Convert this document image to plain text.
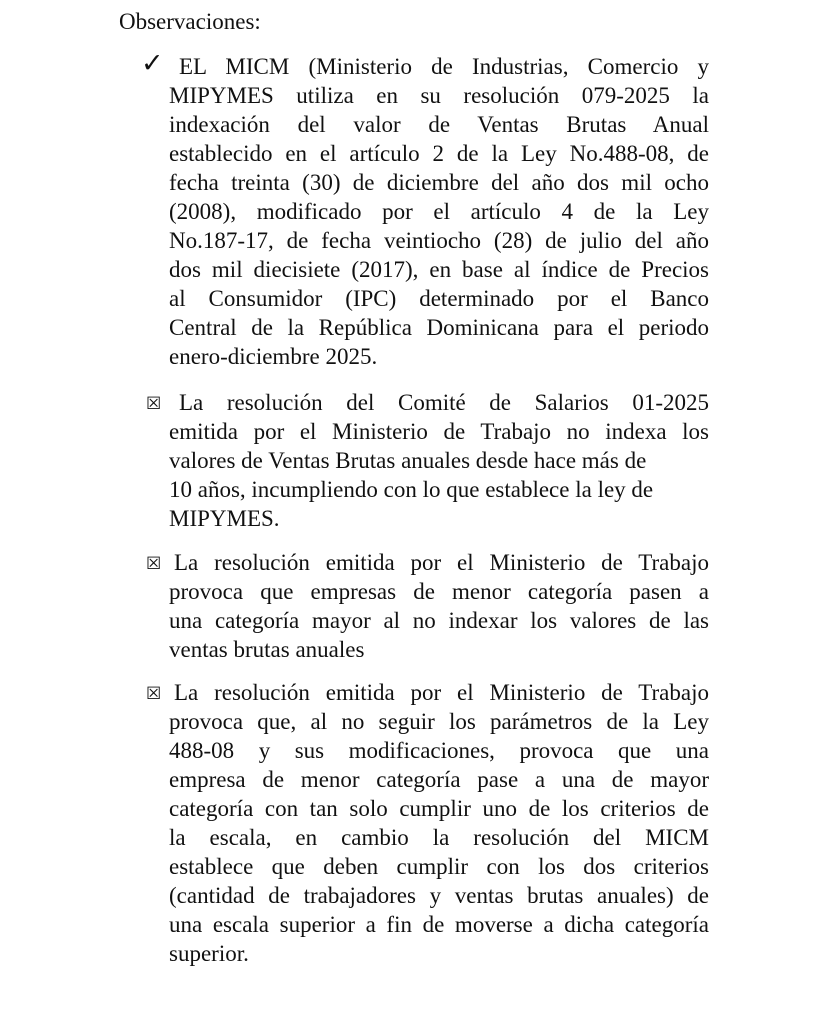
Observaciones:

✓ EL MICM (Ministerio de Industrias, Comercio y
MIPYMES utiliza en su resolución 079-2025 la
indexación del valor de Ventas Brutas Anual
establecido en el artículo 2 de la Ley No.488-08, de
fecha treinta (30) de diciembre del año dos mil ocho
(2008), modificado por el artículo 4 de la Ley
No.187-17, de fecha veintiocho (28) de julio del año
dos mil diecisiete (2017), en base al índice de Precios
al Consumidor (IPC) determinado por el Banco
Central de la República Dominicana para el periodo
enero-diciembre 2025.
☒ La resolución del Comité de Salarios 01-2025
emitida por el Ministerio de Trabajo no indexa los
valores de Ventas Brutas anuales desde hace más de
10 años, incumpliendo con lo que establece la ley de
MIPYMES.
☒ La resolución emitida por el Ministerio de Trabajo
provoca que empresas de menor categoría pasen a
una categoría mayor al no indexar los valores de las
ventas brutas anuales
☒ La resolución emitida por el Ministerio de Trabajo
provoca que, al no seguir los parámetros de la Ley
488-08 y sus modificaciones, provoca que una
empresa de menor categoría pase a una de mayor
categoría con tan solo cumplir uno de los criterios de
la escala, en cambio la resolución del MICM
establece que deben cumplir con los dos criterios
(cantidad de trabajadores y ventas brutas anuales) de
una escala superior a fin de moverse a dicha categoría
superior.
